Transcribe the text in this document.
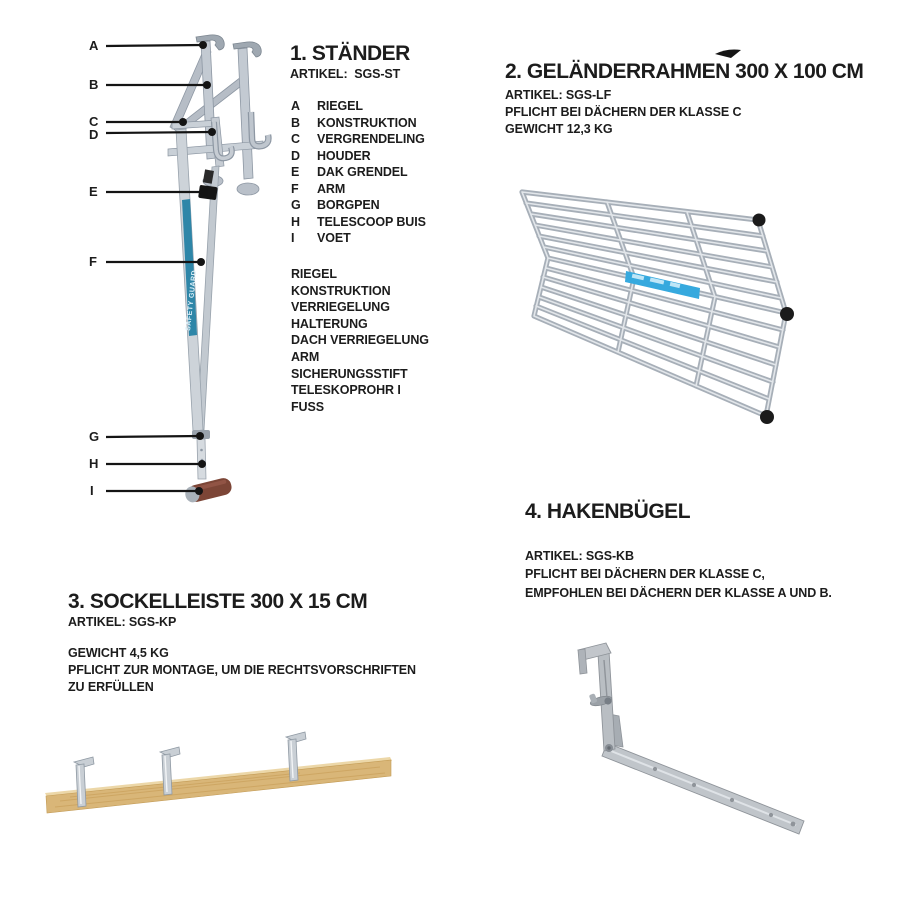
SAFETY GUARD
A
B
C
D
E
F
G
H
I
1. STÄNDER
ARTIKEL:  SGS-ST
A RIEGEL
B KONSTRUKTION
C VERGRENDELING
D HOUDER
E DAK GRENDEL
F ARM
G BORGPEN
H TELESCOOP BUIS
I VOET
RIEGEL
KONSTRUKTION
VERRIEGELUNG
HALTERUNG
DACH VERRIEGELUNG
ARM
SICHERUNGSSTIFT
TELESKOPROHR I
FUSS
2. GELÄNDERRAHMEN 300 X 100 CM
ARTIKEL: SGS-LF
PFLICHT BEI DÄCHERN DER KLASSE C
GEWICHT 12,3 KG
3. SOCKELLEISTE 300 X 15 CM
ARTIKEL: SGS-KP
GEWICHT 4,5 KG
PFLICHT ZUR MONTAGE, UM DIE RECHTSVORSCHRIFTEN
ZU ERFÜLLEN
4. HAKENBÜGEL
ARTIKEL: SGS-KB
PFLICHT BEI DÄCHERN DER KLASSE C,
EMPFOHLEN BEI DÄCHERN DER KLASSE A UND B.
